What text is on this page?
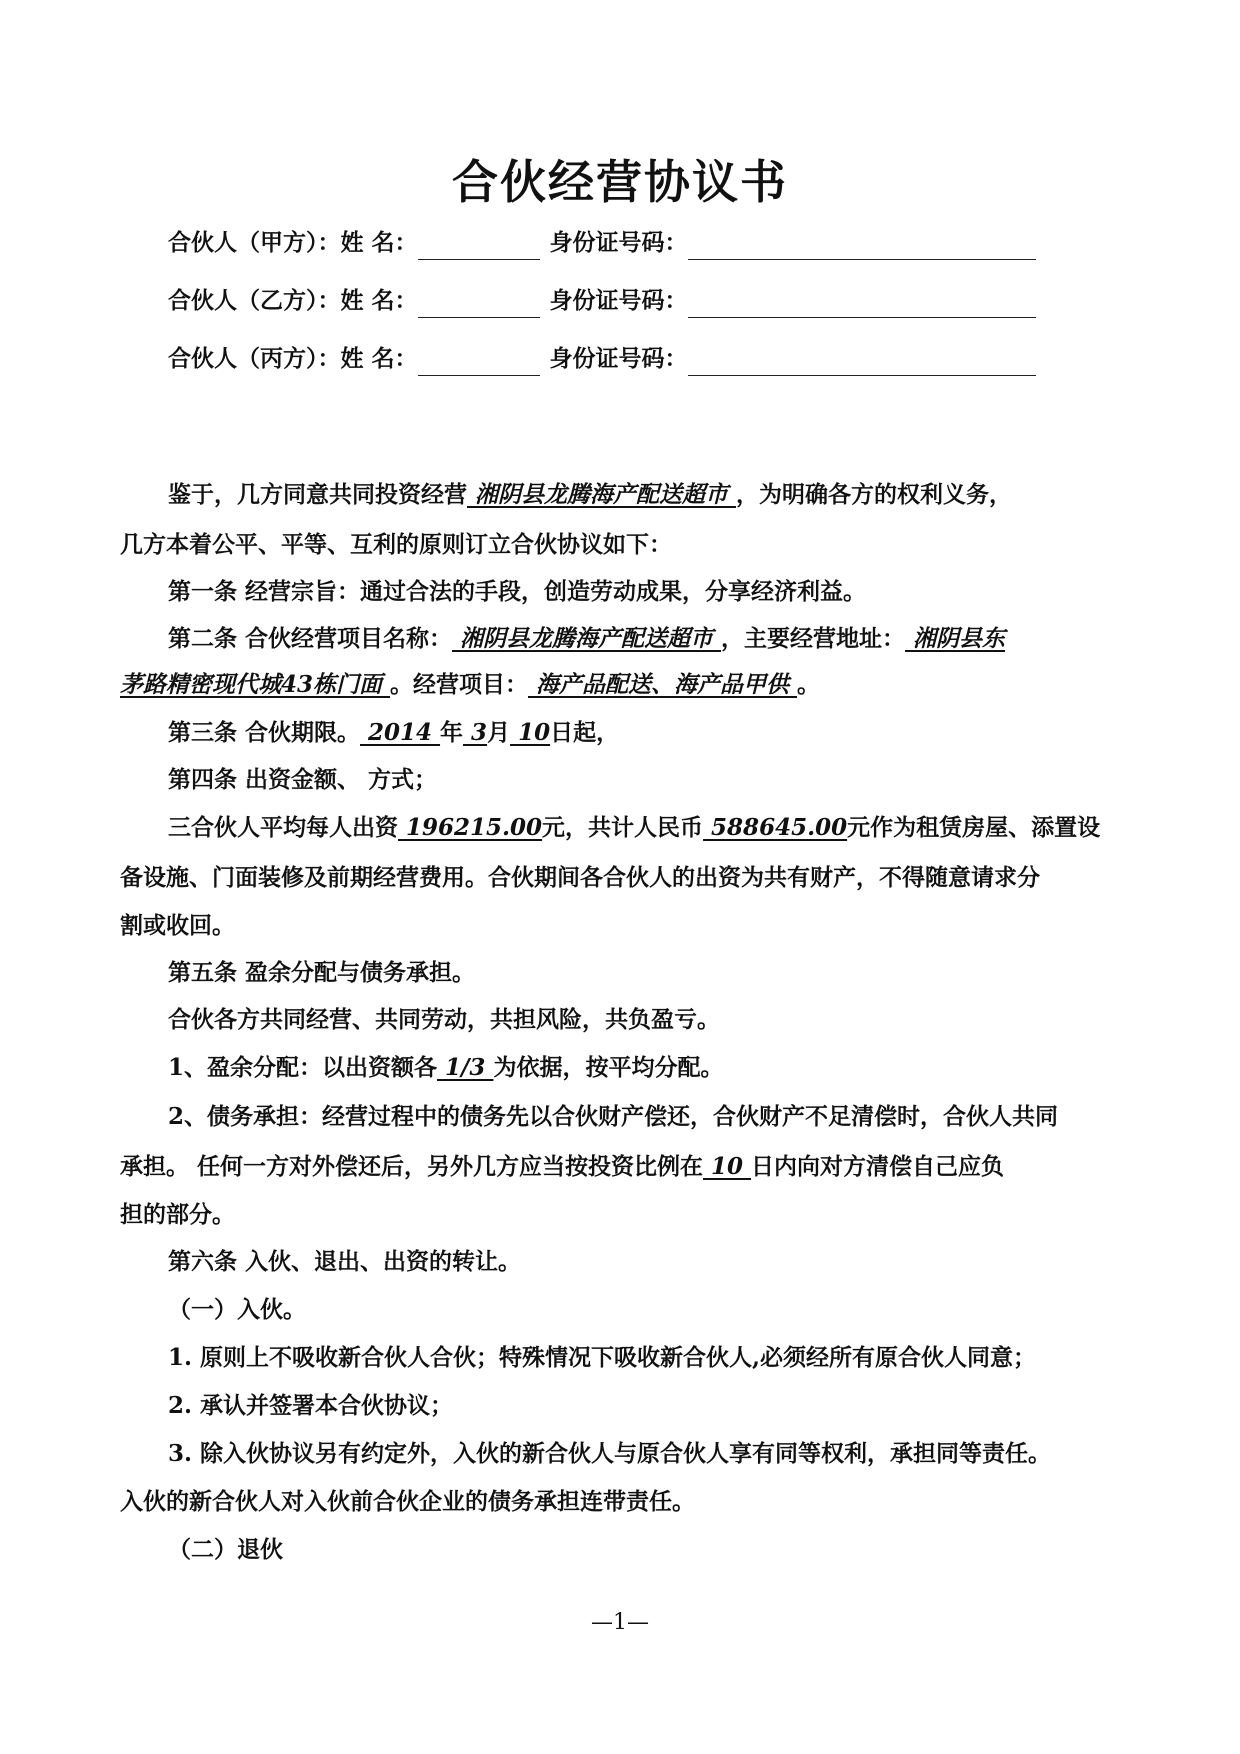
合伙经营协议书
合伙人（甲方）：姓 名：	身份证号码：
合伙人（乙方）：姓 名：	身份证号码：
合伙人（丙方）：姓 名：	身份证号码：
鉴于，几方同意共同投资经营 湘阴县龙腾海产配送超市 ，为明确各方的权利义务，
几方本着公平、平等、互利的原则订立合伙协议如下：
第一条 经营宗旨：通过合法的手段，创造劳动成果，分享经济利益。
第二条 合伙经营项目名称： 湘阴县龙腾海产配送超市 ，主要经营地址： 湘阴县东
茅路精密现代城43栋门面 。经营项目： 海产品配送、海产品甲供 。
第三条 合伙期限。 2014 年 3月 10日起，
第四条 出资金额、 方式；
三合伙人平均每人出资 196215.00元，共计人民币 588645.00元作为租赁房屋、添置设
备设施、门面装修及前期经营费用。合伙期间各合伙人的出资为共有财产，不得随意请求分
割或收回。
第五条 盈余分配与债务承担。
合伙各方共同经营、共同劳动，共担风险，共负盈亏。
1、盈余分配：以出资额各 1/3 为依据，按平均分配。
2、债务承担：经营过程中的债务先以合伙财产偿还，合伙财产不足清偿时，合伙人共同
承担。 任何一方对外偿还后，另外几方应当按投资比例在 10 日内向对方清偿自己应负
担的部分。
第六条 入伙、退出、出资的转让。
（一）入伙。
1. 原则上不吸收新合伙人合伙；特殊情况下吸收新合伙人,必须经所有原合伙人同意；
2. 承认并签署本合伙协议；
3. 除入伙协议另有约定外，入伙的新合伙人与原合伙人享有同等权利，承担同等责任。
入伙的新合伙人对入伙前合伙企业的债务承担连带责任。
（二）退伙
—1—
